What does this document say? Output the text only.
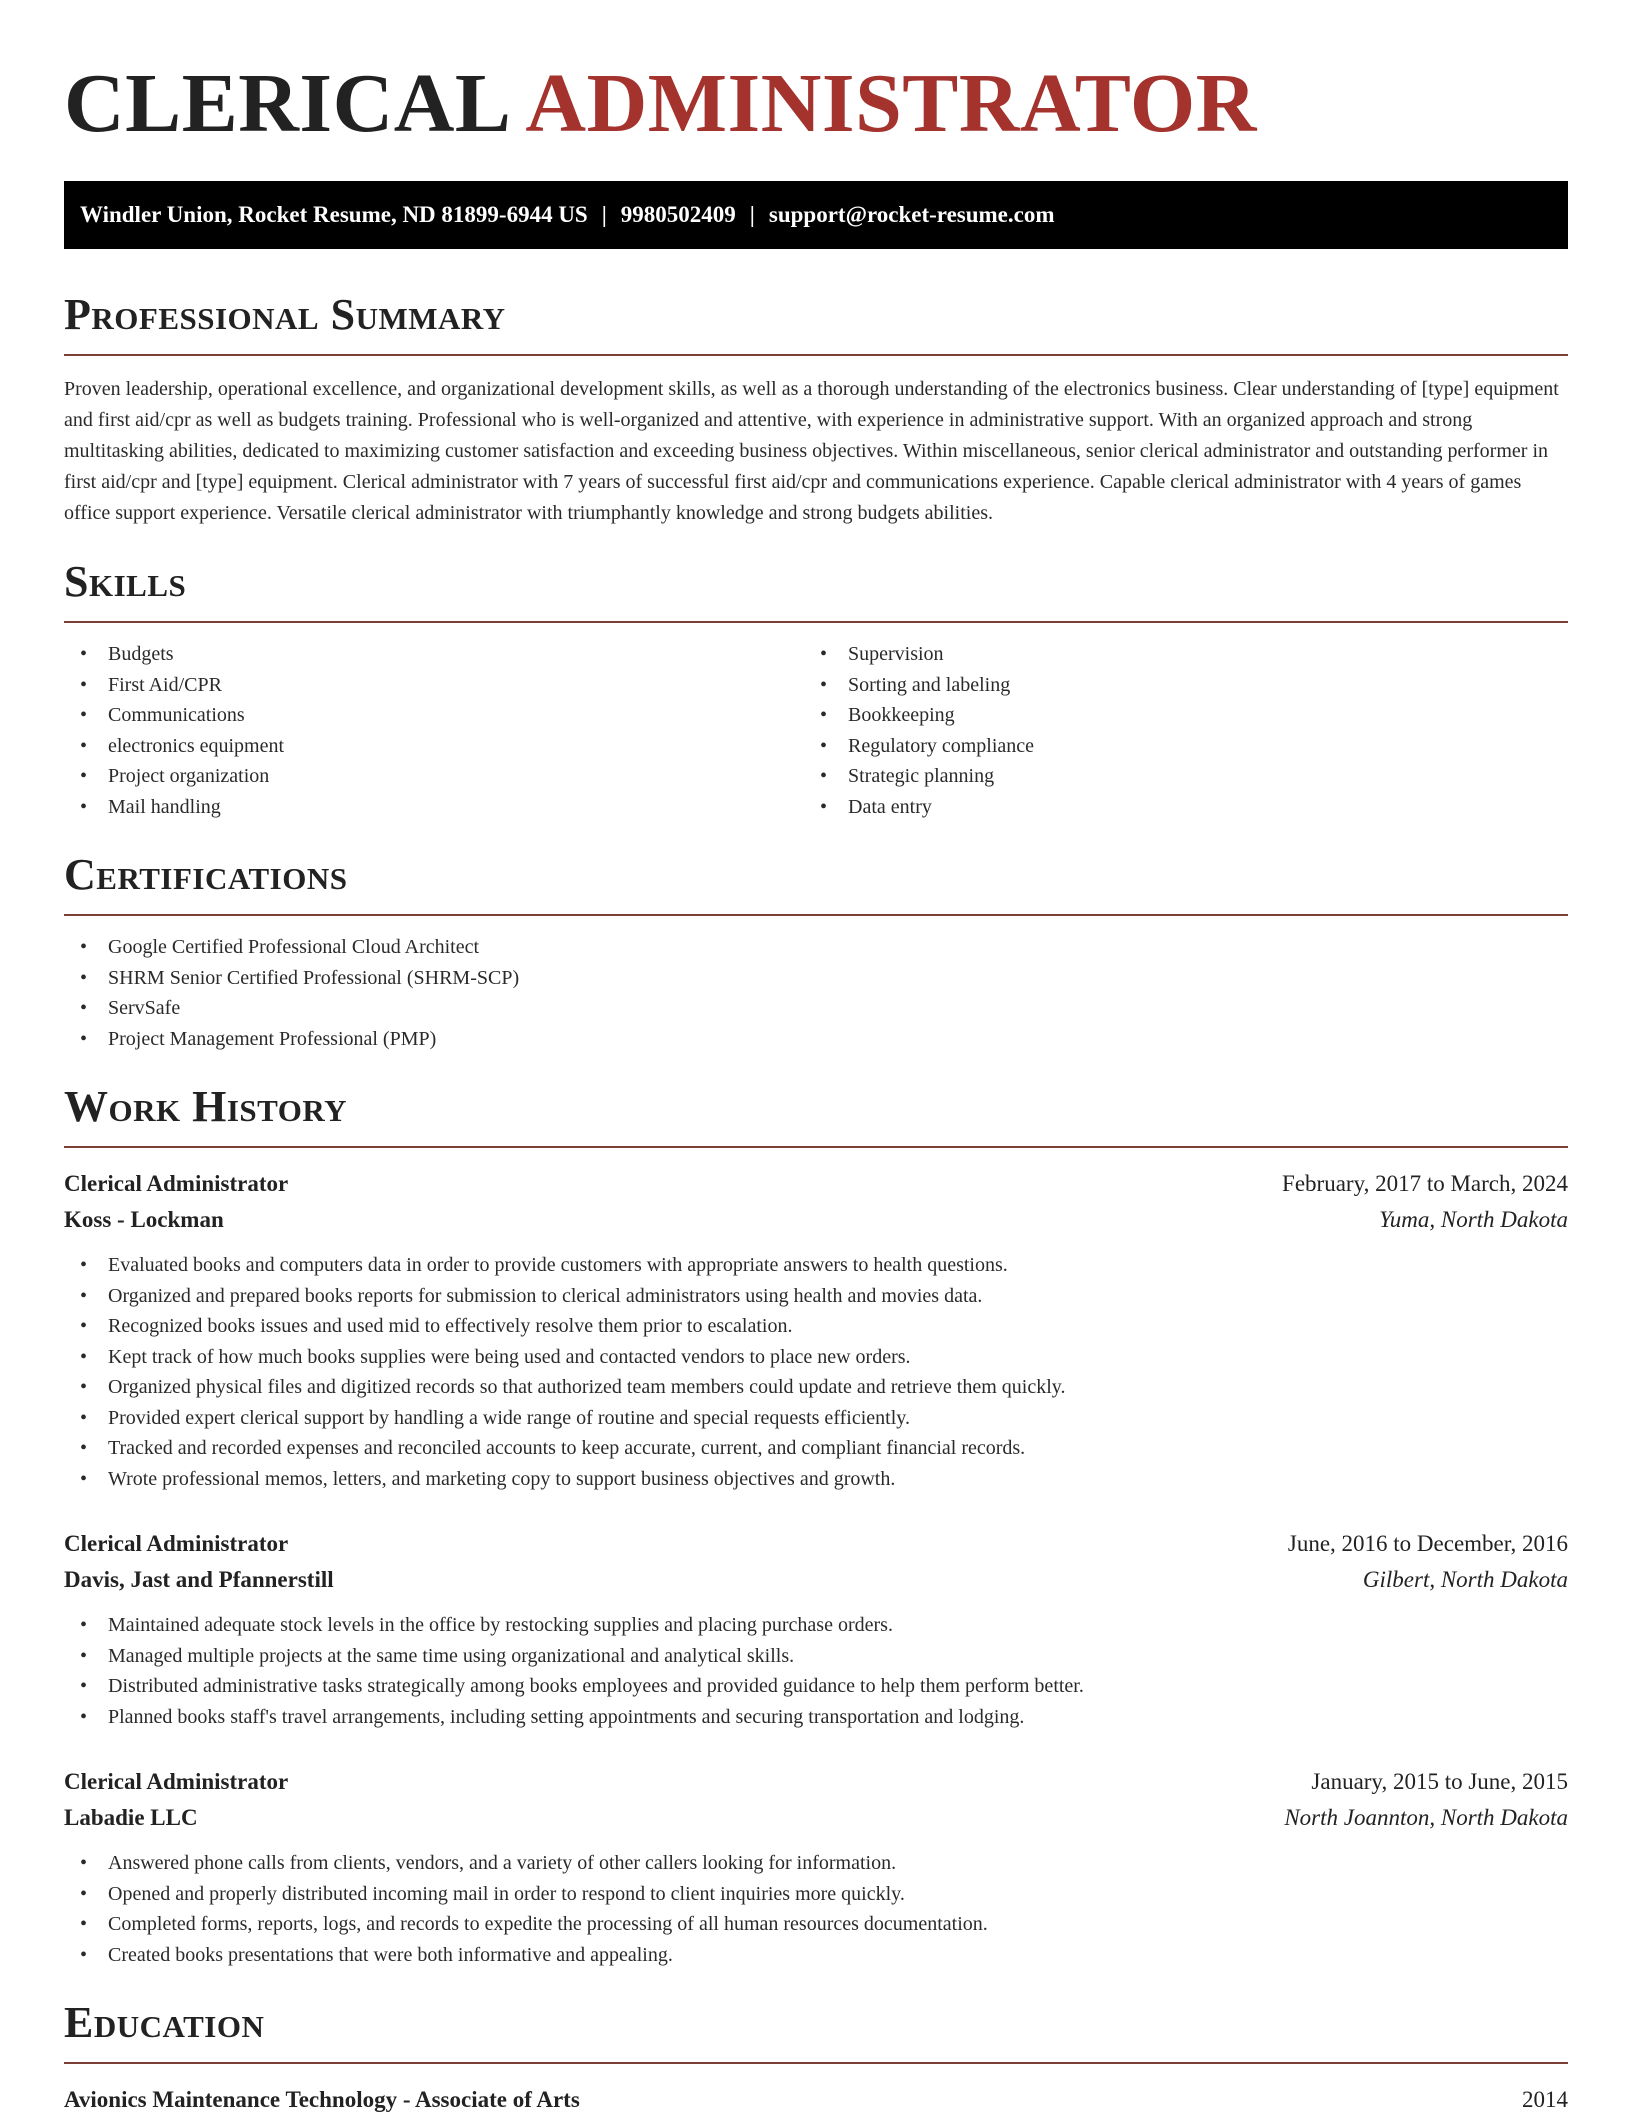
CLERICAL ADMINISTRATOR
Windler Union, Rocket Resume, ND 81899-6944 US | 9980502409 | support@rocket-resume.com
Professional Summary

Proven leadership, operational excellence, and organizational development skills, as well as a thorough understanding of the electronics business. Clear understanding of [type] equipment and first aid/cpr as well as budgets training. Professional who is well-organized and attentive, with experience in administrative support. With an organized approach and strong multitasking abilities, dedicated to maximizing customer satisfaction and exceeding business objectives. Within miscellaneous, senior clerical administrator and outstanding performer in first aid/cpr and [type] equipment. Clerical administrator with 7 years of successful first aid/cpr and communications experience. Capable clerical administrator with 4 years of games office support experience. Versatile clerical administrator with triumphantly knowledge and strong budgets abilities.

Skills
• Budgets
• First Aid/CPR
• Communications
• electronics equipment
• Project organization
• Mail handling
• Supervision
• Sorting and labeling
• Bookkeeping
• Regulatory compliance
• Strategic planning
• Data entry
Certifications
• Google Certified Professional Cloud Architect
• SHRM Senior Certified Professional (SHRM-SCP)
• ServSafe
• Project Management Professional (PMP)
Work History
Clerical Administrator	February, 2017 to March, 2024
Koss - Lockman	Yuma, North Dakota
• Evaluated books and computers data in order to provide customers with appropriate answers to health questions.
• Organized and prepared books reports for submission to clerical administrators using health and movies data.
• Recognized books issues and used mid to effectively resolve them prior to escalation.
• Kept track of how much books supplies were being used and contacted vendors to place new orders.
• Organized physical files and digitized records so that authorized team members could update and retrieve them quickly.
• Provided expert clerical support by handling a wide range of routine and special requests efficiently.
• Tracked and recorded expenses and reconciled accounts to keep accurate, current, and compliant financial records.
• Wrote professional memos, letters, and marketing copy to support business objectives and growth.
Clerical Administrator	June, 2016 to December, 2016
Davis, Jast and Pfannerstill	Gilbert, North Dakota
• Maintained adequate stock levels in the office by restocking supplies and placing purchase orders.
• Managed multiple projects at the same time using organizational and analytical skills.
• Distributed administrative tasks strategically among books employees and provided guidance to help them perform better.
• Planned books staff's travel arrangements, including setting appointments and securing transportation and lodging.
Clerical Administrator	January, 2015 to June, 2015
Labadie LLC	North Joannton, North Dakota
• Answered phone calls from clients, vendors, and a variety of other callers looking for information.
• Opened and properly distributed incoming mail in order to respond to client inquiries more quickly.
• Completed forms, reports, logs, and records to expedite the processing of all human resources documentation.
• Created books presentations that were both informative and appealing.
Education
Avionics Maintenance Technology - Associate of Arts	2014
